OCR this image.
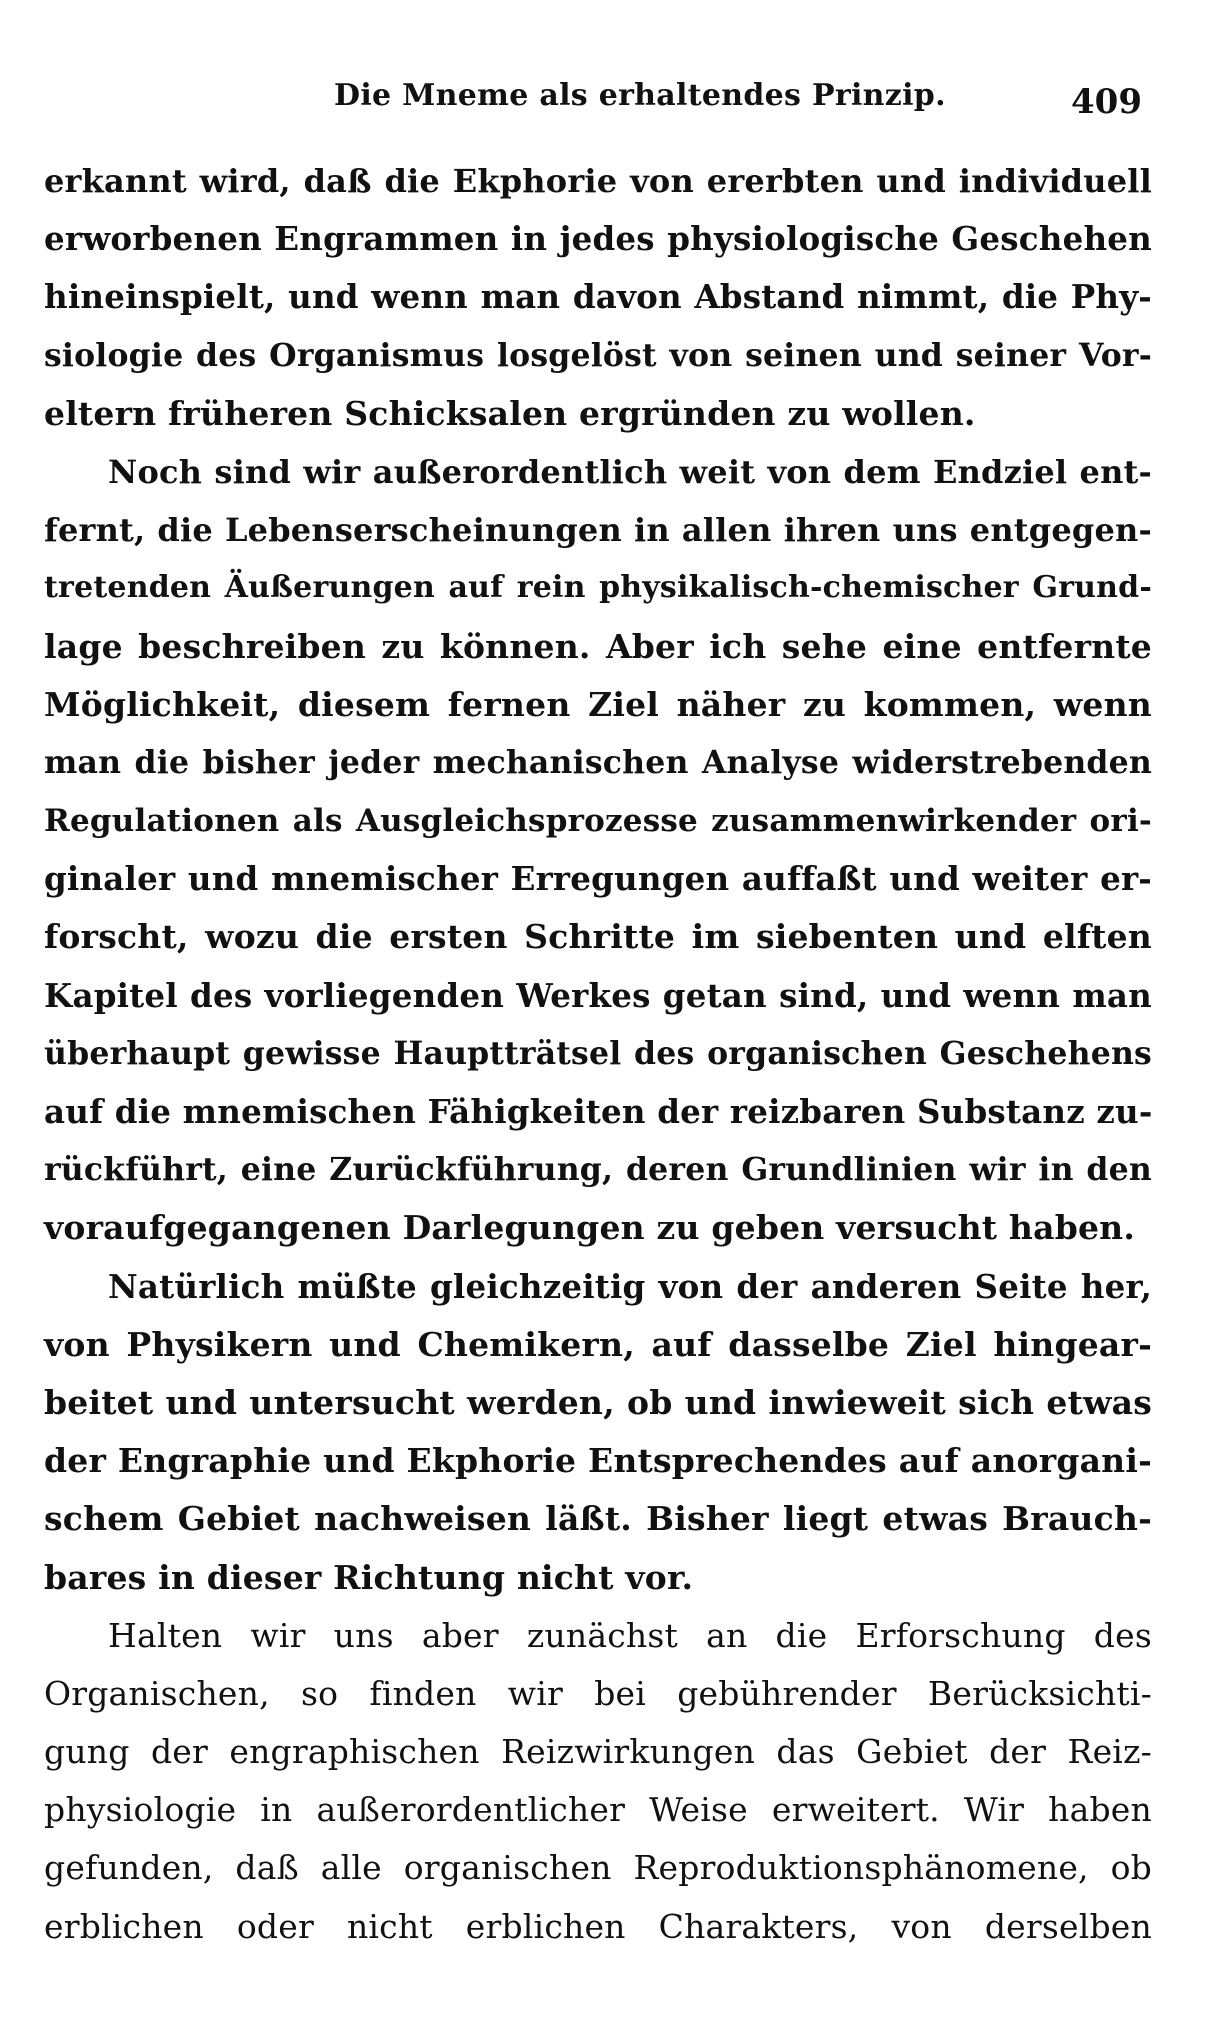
Die Mneme als erhaltendes Prinzip.	409
erkannt wird, daß die Ekphorie von ererbten und individuell
erworbenen Engrammen in jedes physiologische Geschehen
hineinspielt, und wenn man davon Abstand nimmt, die Phy-
siologie des Organismus losgelöst von seinen und seiner Vor-
eltern früheren Schicksalen ergründen zu wollen.
Noch sind wir außerordentlich weit von dem Endziel ent-
fernt, die Lebenserscheinungen in allen ihren uns entgegen-
tretenden Äußerungen auf rein physikalisch-chemischer Grund-
lage beschreiben zu können. Aber ich sehe eine entfernte
Möglichkeit, diesem fernen Ziel näher zu kommen, wenn
man die bisher jeder mechanischen Analyse widerstrebenden
Regulationen als Ausgleichsprozesse zusammenwirkender ori-
ginaler und mnemischer Erregungen auffaßt und weiter er-
forscht, wozu die ersten Schritte im siebenten und elften
Kapitel des vorliegenden Werkes getan sind, und wenn man
überhaupt gewisse Hauptträtsel des organischen Geschehens
auf die mnemischen Fähigkeiten der reizbaren Substanz zu-
rückführt, eine Zurückführung, deren Grundlinien wir in den
voraufgegangenen Darlegungen zu geben versucht haben.
Natürlich müßte gleichzeitig von der anderen Seite her,
von Physikern und Chemikern, auf dasselbe Ziel hingear-
beitet und untersucht werden, ob und inwieweit sich etwas
der Engraphie und Ekphorie Entsprechendes auf anorgani-
schem Gebiet nachweisen läßt. Bisher liegt etwas Brauch-
bares in dieser Richtung nicht vor.
Halten wir uns aber zunächst an die Erforschung des
Organischen, so finden wir bei gebührender Berücksichti-
gung der engraphischen Reizwirkungen das Gebiet der Reiz-
physiologie in außerordentlicher Weise erweitert. Wir haben
gefunden, daß alle organischen Reproduktionsphänomene, ob
erblichen oder nicht erblichen Charakters, von derselben
